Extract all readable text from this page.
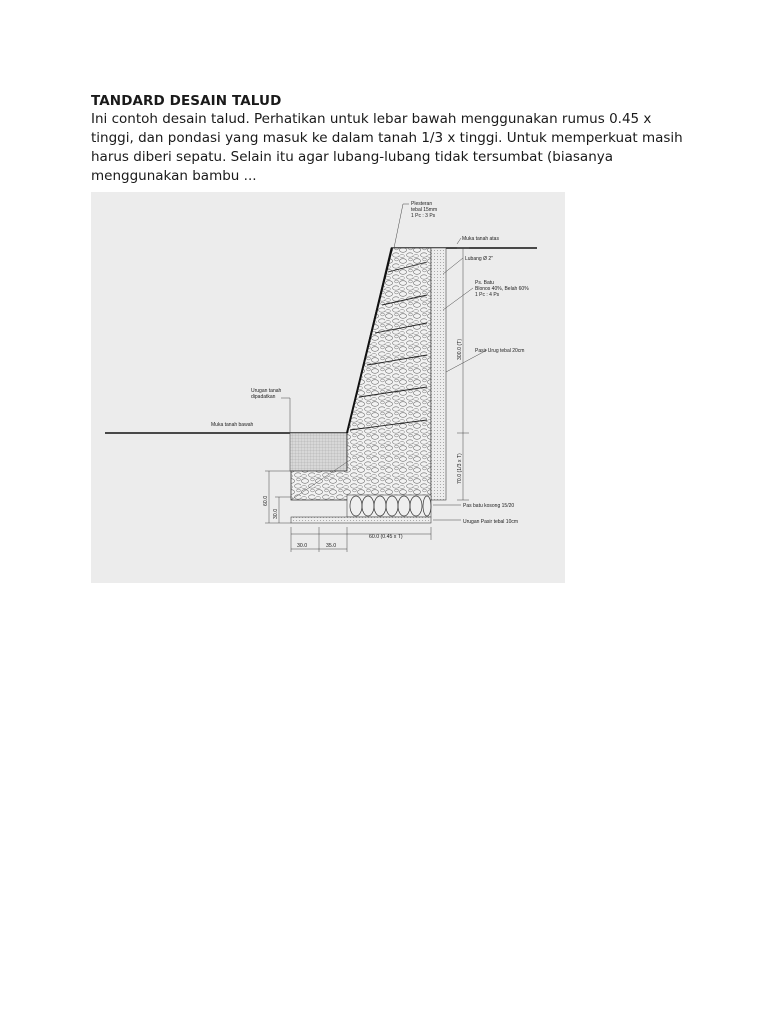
TANDARD DESAIN TALUD

Ini contoh desain talud. Perhatikan untuk lebar bawah menggunakan rumus 0.45 x tinggi, dan pondasi yang masuk ke dalam tanah 1/3 x tinggi. Untuk memperkuat masih harus diberi sepatu. Selain itu agar lubang-lubang tidak tersumbat (biasanya menggunakan bambu ...

Plesteran
tebal 15mm
1 Pc : 3 Ps
Muka tanah atas
Lubang Ø 2"
Ps. Batu
Blonos 40%, Belah 60%
1 Pc : 4 Ps
Pasir Urug tebal 20cm
Urugan tanah
dipadatkan
Muka tanah bawah
Pas batu kosong 15/20
Urugan Pasir tebal 10cm
300.0 (T)
70.0 (1/3 x T)
60.0
30.0
30.0	35.0
60.0 (0.45 x T)
